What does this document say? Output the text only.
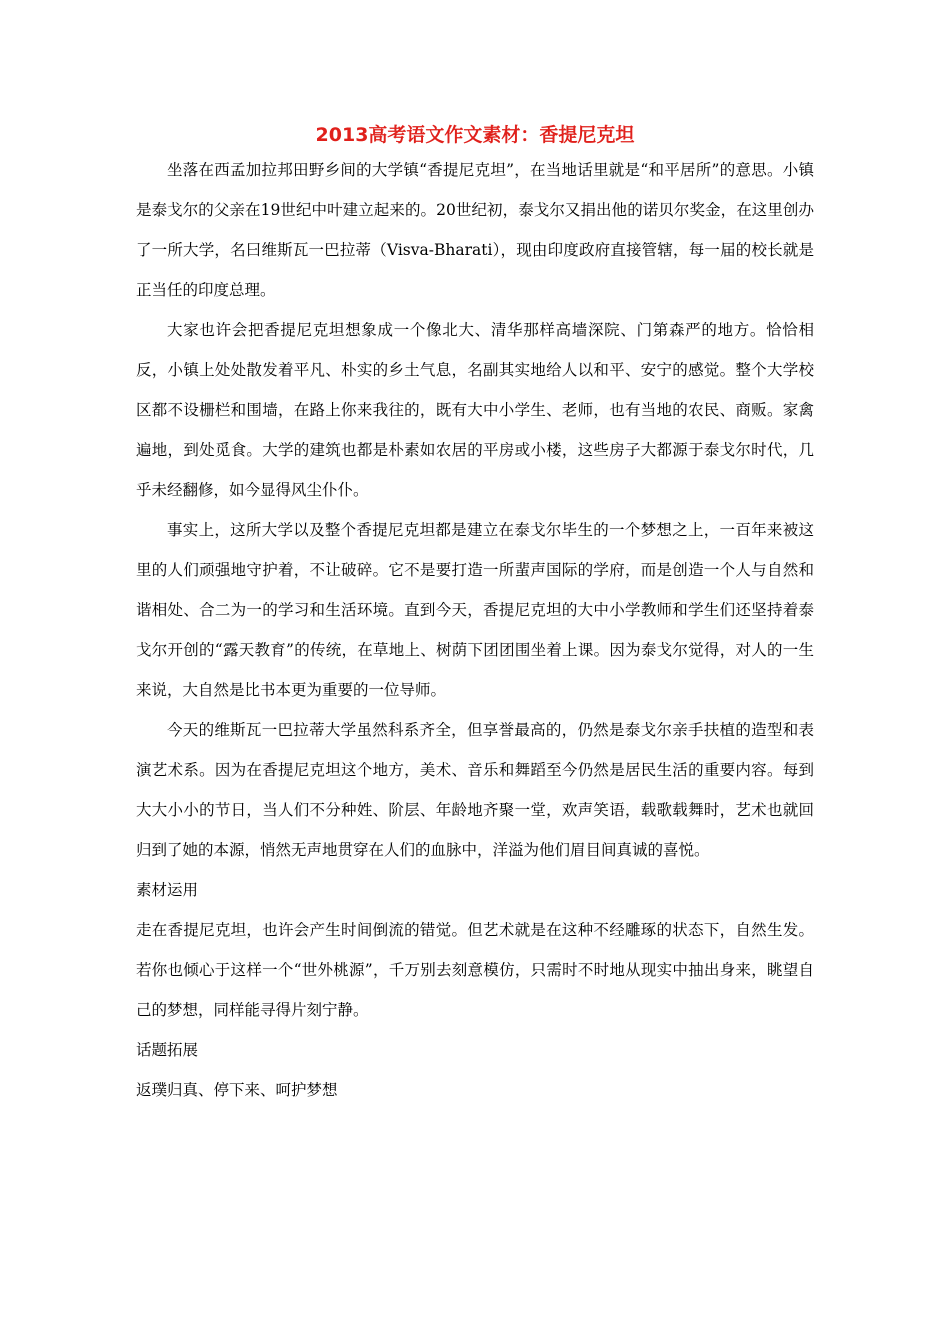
2013高考语文作文素材：香提尼克坦

坐落在西孟加拉邦田野乡间的大学镇“香提尼克坦”，在当地话里就是“和平居所”的意思。小镇是泰戈尔的父亲在19世纪中叶建立起来的。20世纪初，泰戈尔又捐出他的诺贝尔奖金，在这里创办了一所大学，名曰维斯瓦一巴拉蒂（Visva-Bharati），现由印度政府直接管辖，每一届的校长就是正当任的印度总理。

大家也许会把香提尼克坦想象成一个像北大、清华那样高墙深院、门第森严的地方。恰恰相反，小镇上处处散发着平凡、朴实的乡土气息，名副其实地给人以和平、安宁的感觉。整个大学校区都不设栅栏和围墙，在路上你来我往的，既有大中小学生、老师，也有当地的农民、商贩。家禽遍地，到处觅食。大学的建筑也都是朴素如农居的平房或小楼，这些房子大都源于泰戈尔时代，几乎未经翻修，如今显得风尘仆仆。

事实上，这所大学以及整个香提尼克坦都是建立在泰戈尔毕生的一个梦想之上，一百年来被这里的人们顽强地守护着，不让破碎。它不是要打造一所蜚声国际的学府，而是创造一个人与自然和谐相处、合二为一的学习和生活环境。直到今天，香提尼克坦的大中小学教师和学生们还坚持着泰戈尔开创的“露天教育”的传统，在草地上、树荫下团团围坐着上课。因为泰戈尔觉得，对人的一生来说，大自然是比书本更为重要的一位导师。

今天的维斯瓦一巴拉蒂大学虽然科系齐全，但享誉最高的，仍然是泰戈尔亲手扶植的造型和表演艺术系。因为在香提尼克坦这个地方，美术、音乐和舞蹈至今仍然是居民生活的重要内容。每到大大小小的节日，当人们不分种姓、阶层、年龄地齐聚一堂，欢声笑语，载歌载舞时，艺术也就回归到了她的本源，悄然无声地贯穿在人们的血脉中，洋溢为他们眉目间真诚的喜悦。

素材运用

走在香提尼克坦，也许会产生时间倒流的错觉。但艺术就是在这种不经雕琢的状态下，自然生发。若你也倾心于这样一个“世外桃源”，千万别去刻意模仿，只需时不时地从现实中抽出身来，眺望自己的梦想，同样能寻得片刻宁静。

话题拓展

返璞归真、停下来、呵护梦想
